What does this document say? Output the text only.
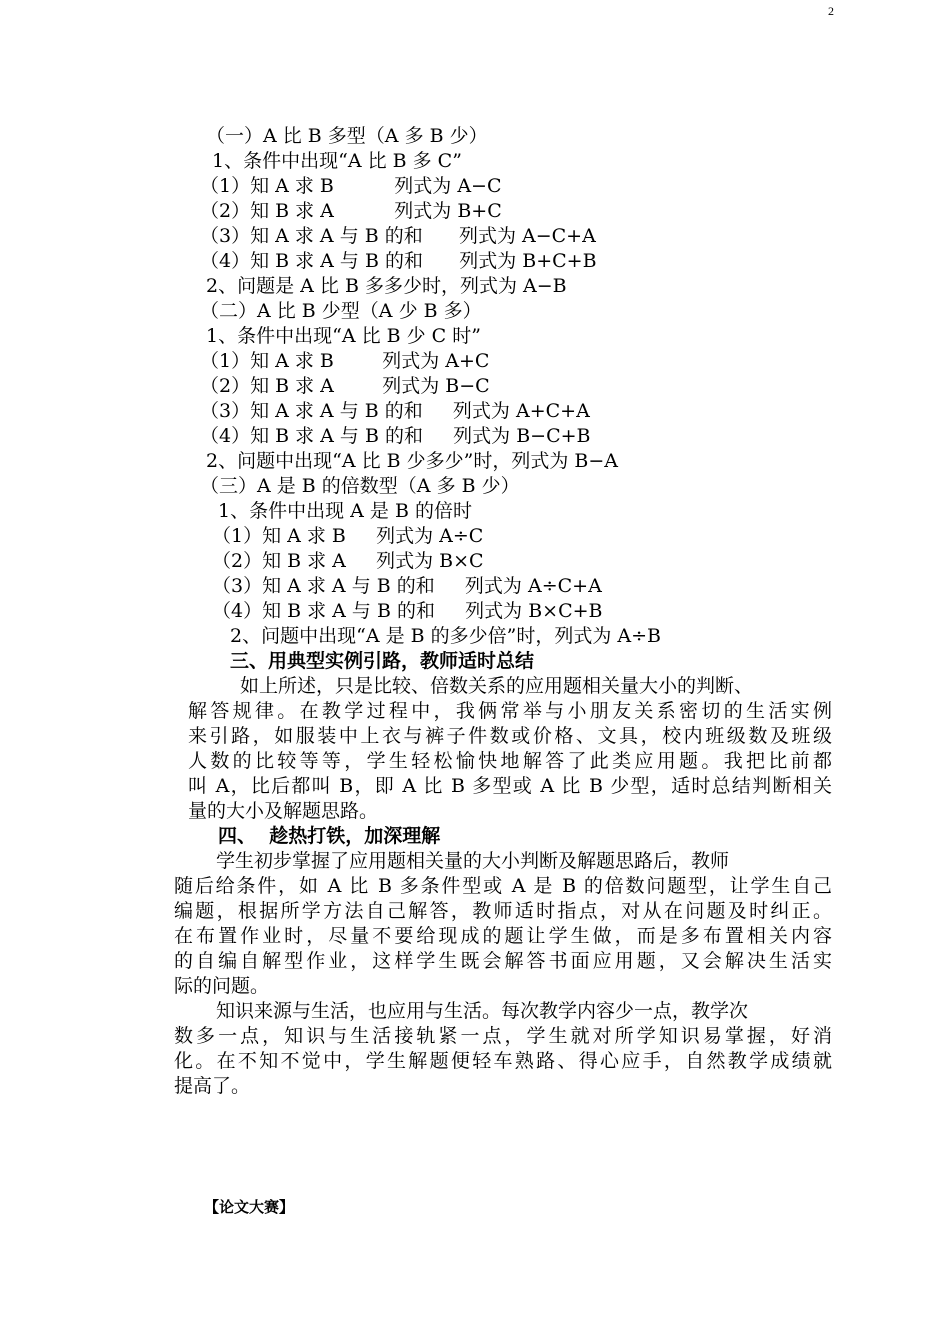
2
（一）A 比 B 多型（A 多 B 少）
1、条件中出现“A 比 B 多 C”
（1）知 A 求 B          列式为 A−C
（2）知 B 求 A          列式为 B+C
（3）知 A 求 A 与 B 的和      列式为 A−C+A
（4）知 B 求 A 与 B 的和      列式为 B+C+B
2、问题是 A 比 B 多多少时，列式为 A−B
（二）A 比 B 少型（A 少 B 多）
1、条件中出现“A 比 B 少 C 时”
（1）知 A 求 B        列式为 A+C
（2）知 B 求 A        列式为 B−C
（3）知 A 求 A 与 B 的和     列式为 A+C+A
（4）知 B 求 A 与 B 的和     列式为 B−C+B
2、问题中出现“A 比 B 少多少”时，列式为 B−A
（三）A 是 B 的倍数型（A 多 B 少）
1、条件中出现 A 是 B 的倍时
（1）知 A 求 B     列式为 A÷C
（2）知 B 求 A     列式为 B×C
（3）知 A 求 A 与 B 的和     列式为 A÷C+A
（4）知 B 求 A 与 B 的和     列式为 B×C+B
2、问题中出现“A 是 B 的多少倍”时，列式为 A÷B
三、用典型实例引路，教师适时总结
如上所述，只是比较、倍数关系的应用题相关量大小的判断、
解答规律。在教学过程中，我俩常举与小朋友关系密切的生活实例
来引路，如服装中上衣与裤子件数或价格、文具，校内班级数及班级
人数的比较等等，学生轻松愉快地解答了此类应用题。我把比前都
叫 A，比后都叫 B，即 A 比 B 多型或 A 比 B 少型，适时总结判断相关
量的大小及解题思路。
四、  趁热打铁，加深理解
学生初步掌握了应用题相关量的大小判断及解题思路后，教师
随后给条件，如 A 比 B 多条件型或 A 是 B 的倍数问题型，让学生自己
编题，根据所学方法自己解答，教师适时指点，对从在问题及时纠正。
在布置作业时，尽量不要给现成的题让学生做，而是多布置相关内容
的自编自解型作业，这样学生既会解答书面应用题，又会解决生活实
际的问题。
知识来源与生活，也应用与生活。每次教学内容少一点，教学次
数多一点，知识与生活接轨紧一点，学生就对所学知识易掌握，好消
化。在不知不觉中，学生解题便轻车熟路、得心应手，自然教学成绩就
提高了。
【论文大赛】
